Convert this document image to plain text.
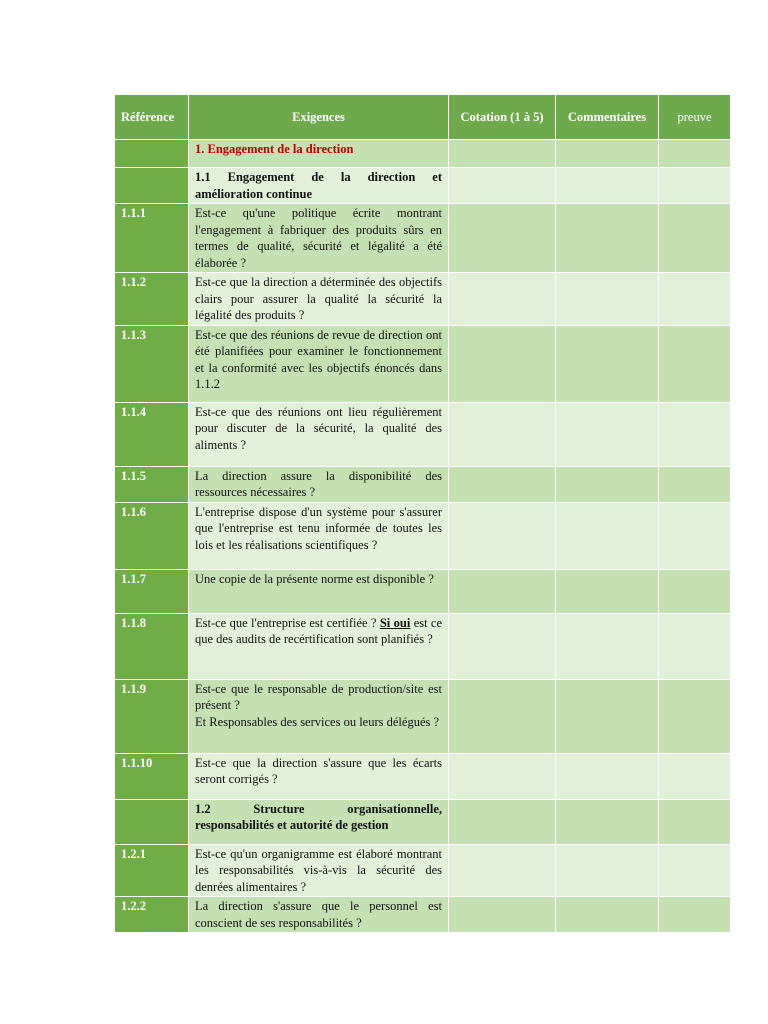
Référence	Exigences	Cotation (1 à 5)	Commentaires	preuve
	1. Engagement de la direction			
	1.1 Engagement de la direction et amélioration continue			
1.1.1	Est-ce qu'une politique écrite montrant l'engagement à fabriquer des produits sûrs en termes de qualité, sécurité et légalité a été élaborée ?			
1.1.2	Est-ce que la direction a déterminée des objectifs clairs pour assurer la qualité la sécurité la légalité des produits ?			
1.1.3	Est-ce que des réunions de revue de direction ont été planifiées pour examiner le fonctionnement et la conformité avec les objectifs énoncés dans 1.1.2			
1.1.4	Est-ce que des réunions ont lieu régulièrement pour discuter de la sécurité, la qualité des aliments ?			
1.1.5	La direction assure la disponibilité des ressources nécessaires ?			
1.1.6	L'entreprise dispose d'un système pour s'assurer que l'entreprise est tenu informée de toutes les lois et les réalisations scientifiques ?			
1.1.7	Une copie de la présente norme est disponible ?			
1.1.8	Est-ce que l'entreprise est certifiée ? Si oui est ce que des audits de recértification sont planifiés ?			
1.1.9	Est-ce que le responsable de production/site est présent ?
Et Responsables des services ou leurs délégués ?			

1.1.10	Est-ce que la direction s'assure que les écarts seront corrigés ?			
	1.2 Structure organisationnelle, responsabilités et autorité de gestion			
1.2.1	Est-ce qu'un organigramme est élaboré montrant les responsabilités vis-à-vis la sécurité des denrées alimentaires ?			
1.2.2	La direction s'assure que le personnel est conscient de ses responsabilités ?			
